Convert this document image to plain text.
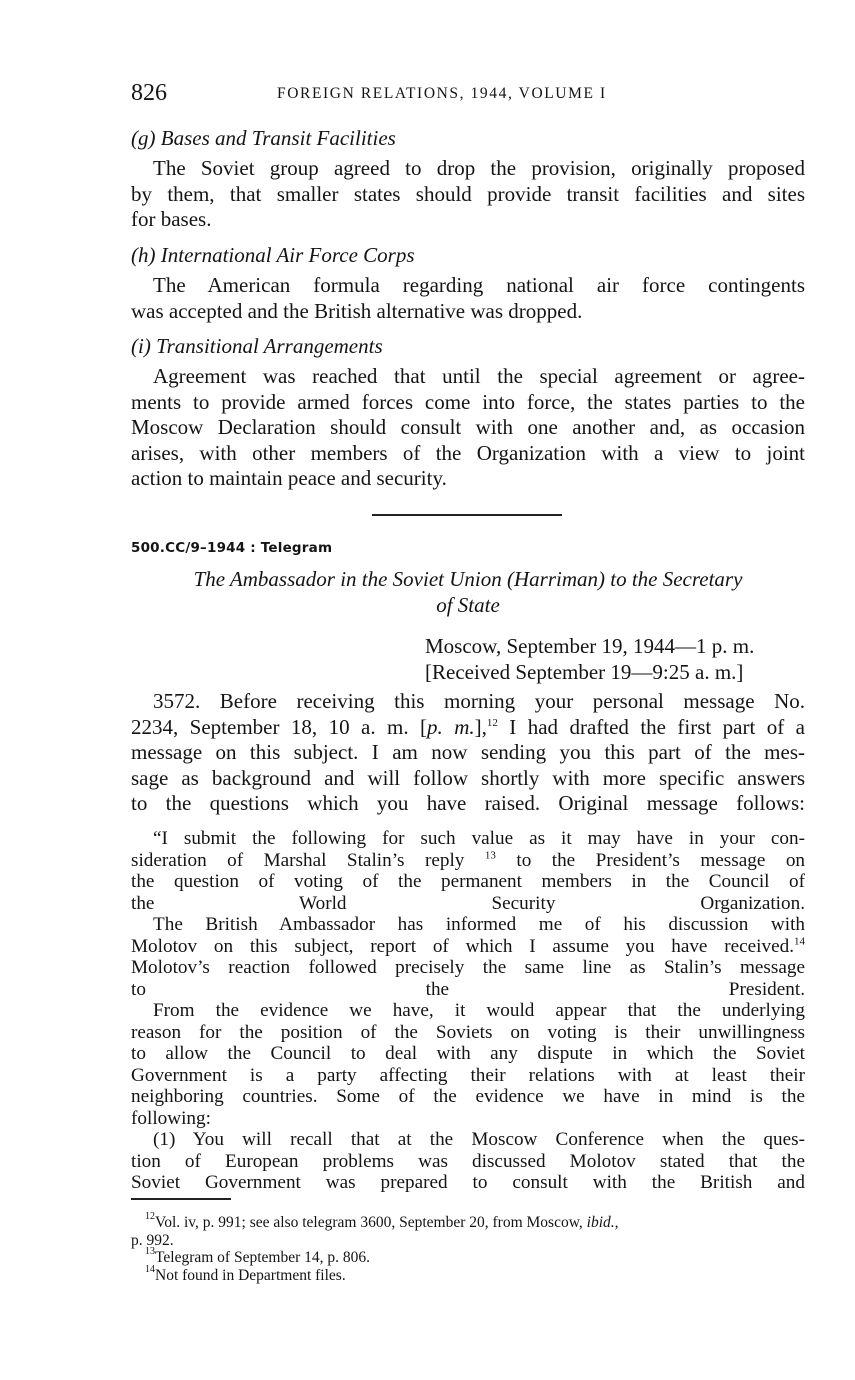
826	FOREIGN RELATIONS, 1944, VOLUME I
(g) Bases and Transit Facilities
The Soviet group agreed to drop the provision, originally proposed
by them, that smaller states should provide transit facilities and sites
for bases.
(h) International Air Force Corps
The American formula regarding national air force contingents
was accepted and the British alternative was dropped.
(i) Transitional Arrangements
Agreement was reached that until the special agreement or agree-
ments to provide armed forces come into force, the states parties to the
Moscow Declaration should consult with one another and, as occasion
arises, with other members of the Organization with a view to joint
action to maintain peace and security.
500.CC/9–1944 : Telegram
The Ambassador in the Soviet Union (Harriman) to the Secretary
of State
Moscow, September 19, 1944—1 p. m.
[Received September 19—9:25 a. m.]
3572. Before receiving this morning your personal message No.
2234, September 18, 10 a. m. [p. m.],$^{12}$ I had drafted the first part of a
message on this subject. I am now sending you this part of the mes-
sage as background and will follow shortly with more specific answers
to the questions which you have raised. Original message follows:
“I submit the following for such value as it may have in your con-
sideration of Marshal Stalin’s reply $^{13}$ to the President’s message on
the question of voting of the permanent members in the Council of
the World Security Organization.
The British Ambassador has informed me of his discussion with
Molotov on this subject, report of which I assume you have received.$^{14}$
Molotov’s reaction followed precisely the same line as Stalin’s message
to the President.
From the evidence we have, it would appear that the underlying
reason for the position of the Soviets on voting is their unwillingness
to allow the Council to deal with any dispute in which the Soviet
Government is a party affecting their relations with at least their
neighboring countries. Some of the evidence we have in mind is the
following:
(1) You will recall that at the Moscow Conference when the ques-
tion of European problems was discussed Molotov stated that the
Soviet Government was prepared to consult with the British and
$^{12}$Vol. iv, p. 991; see also telegram 3600, September 20, from Moscow, ibid.,
p. 992.
$^{13}$Telegram of September 14, p. 806.
$^{14}$Not found in Department files.
